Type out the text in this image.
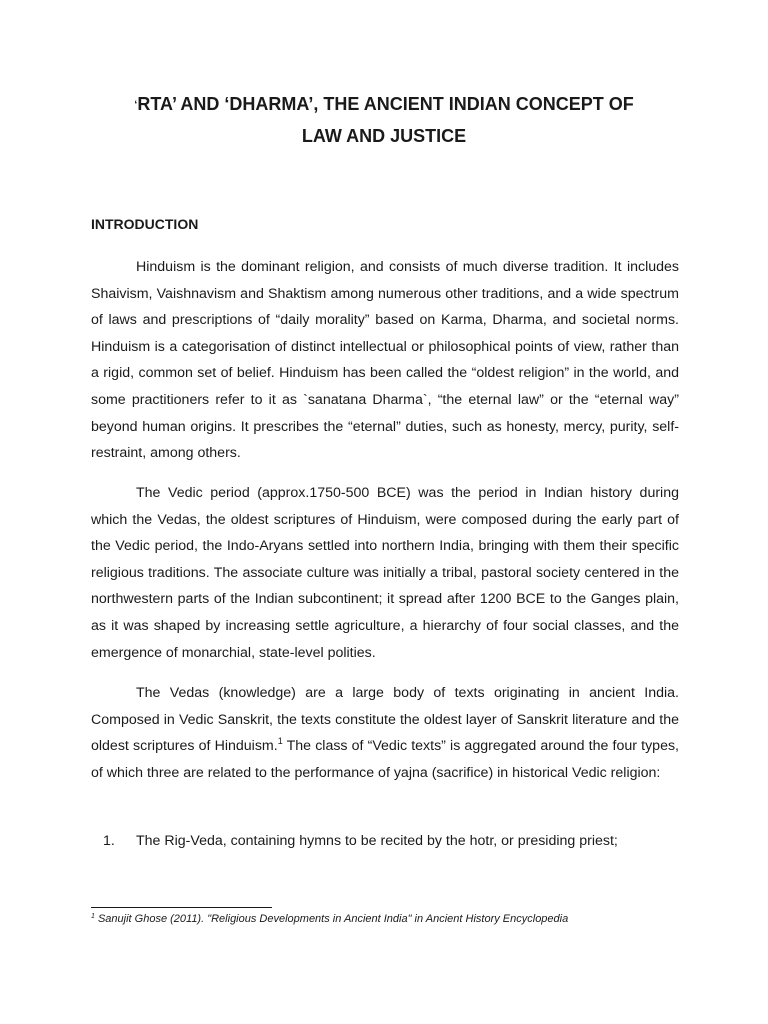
‘RTA’ AND ‘DHARMA’, THE ANCIENT INDIAN CONCEPT OF
LAW AND JUSTICE
INTRODUCTION

Hinduism is the dominant religion, and consists of much diverse tradition. It includes Shaivism, Vaishnavism and Shaktism among numerous other traditions, and a wide spectrum of laws and prescriptions of “daily morality” based on Karma, Dharma, and societal norms. Hinduism is a categorisation of distinct intellectual or philosophical points of view, rather than a rigid, common set of belief. Hinduism has been called the “oldest religion” in the world, and some practitioners refer to it as `sanatana Dharma`, “the eternal law” or the “eternal way” beyond human origins. It prescribes the “eternal” duties, such as honesty, mercy, purity, self-restraint, among others.

The Vedic period (approx.1750-500 BCE) was the period in Indian history during which the Vedas, the oldest scriptures of Hinduism, were composed during the early part of the Vedic period, the Indo-Aryans settled into northern India, bringing with them their specific religious traditions. The associate culture was initially a tribal, pastoral society centered in the northwestern parts of the Indian subcontinent; it spread after 1200 BCE to the Ganges plain, as it was shaped by increasing settle agriculture, a hierarchy of four social classes, and the emergence of monarchial, state-level polities.

The Vedas (knowledge) are a large body of texts originating in ancient India. Composed in Vedic Sanskrit, the texts constitute the oldest layer of Sanskrit literature and the oldest scriptures of Hinduism.$^1$ The class of “Vedic texts” is aggregated around the four types, of which three are related to the performance of yajna (sacrifice) in historical Vedic religion:

1. The Rig-Veda, containing hymns to be recited by the hotr, or presiding priest;

$^1$ Sanujit Ghose (2011). "Religious Developments in Ancient India" in Ancient History Encyclopedia
